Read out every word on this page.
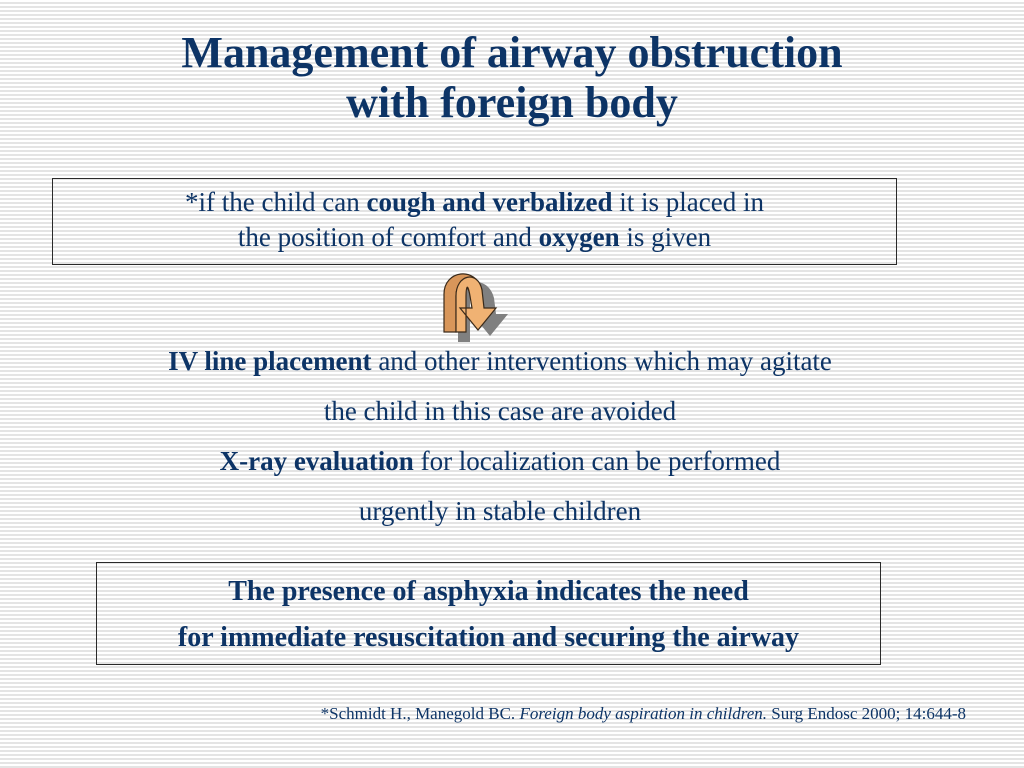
Management of airway obstruction
with foreign body
*if the child can cough and verbalized it is placed in
the position of comfort and oxygen is given
IV line placement and other interventions which may agitate
the child in this case are avoided
X-ray evaluation for localization can be performed
urgently in stable children
The presence of asphyxia indicates the need
for immediate resuscitation and securing the airway
*Schmidt H., Manegold BC. Foreign body aspiration in children. Surg Endosc 2000; 14:644-8
